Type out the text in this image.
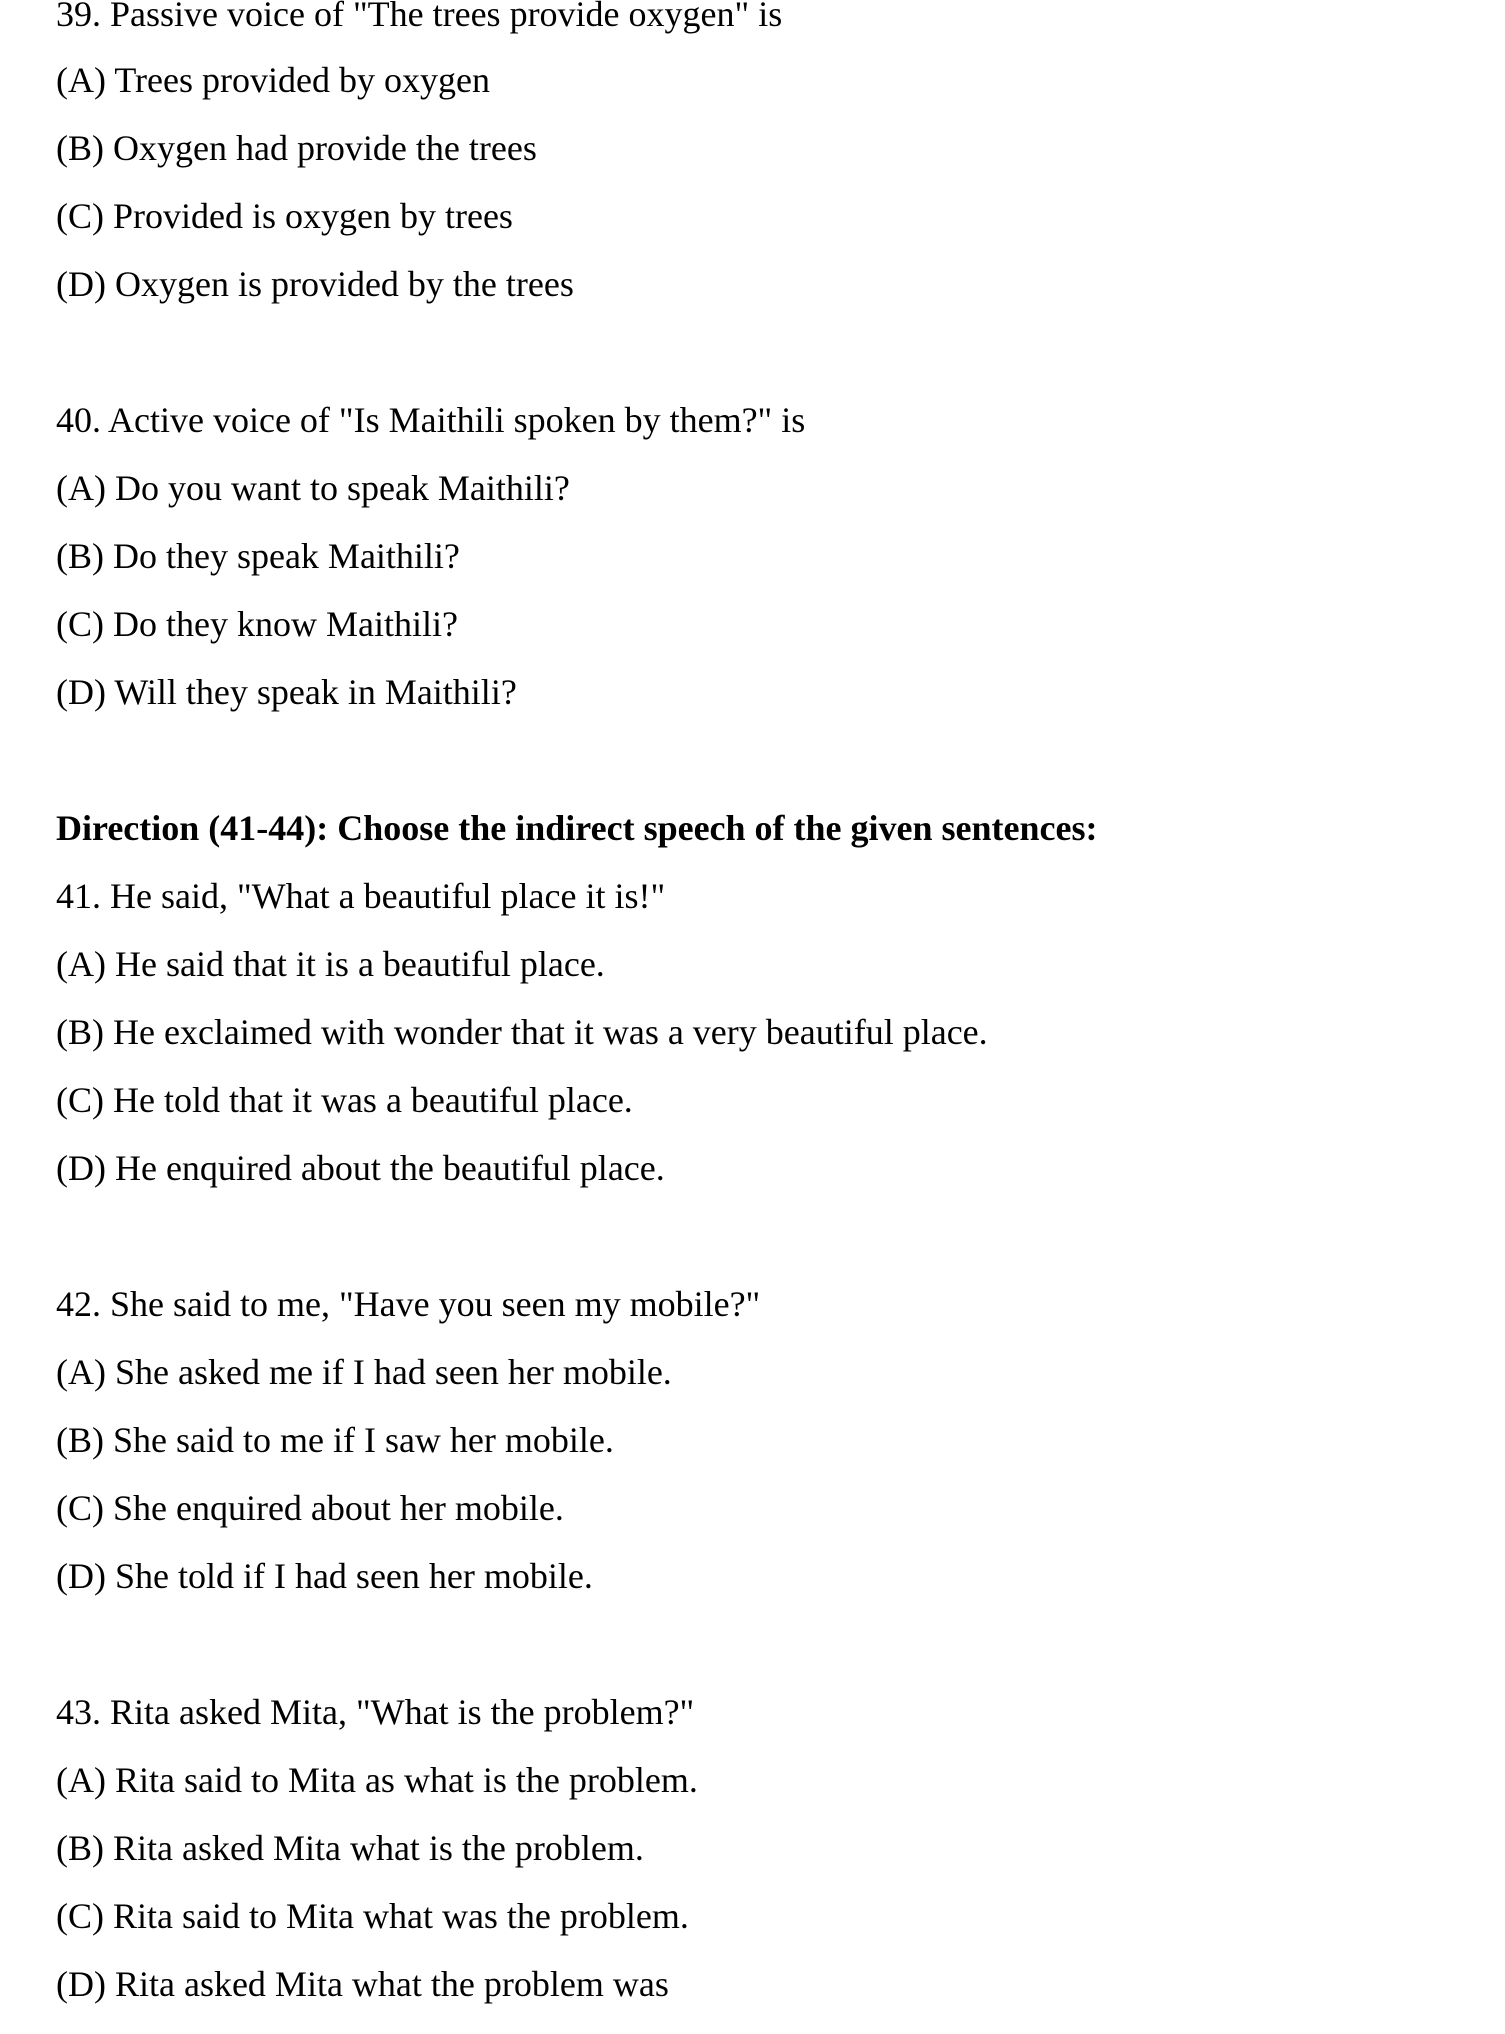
39. Passive voice of "The trees provide oxygen" is
(A) Trees provided by oxygen
(B) Oxygen had provide the trees
(C) Provided is oxygen by trees
(D) Oxygen is provided by the trees
40. Active voice of "Is Maithili spoken by them?" is
(A) Do you want to speak Maithili?
(B) Do they speak Maithili?
(C) Do they know Maithili?
(D) Will they speak in Maithili?
Direction (41-44): Choose the indirect speech of the given sentences:
41. He said, "What a beautiful place it is!"
(A) He said that it is a beautiful place.
(B) He exclaimed with wonder that it was a very beautiful place.
(C) He told that it was a beautiful place.
(D) He enquired about the beautiful place.
42. She said to me, "Have you seen my mobile?"
(A) She asked me if I had seen her mobile.
(B) She said to me if I saw her mobile.
(C) She enquired about her mobile.
(D) She told if I had seen her mobile.
43. Rita asked Mita, "What is the problem?"
(A) Rita said to Mita as what is the problem.
(B) Rita asked Mita what is the problem.
(C) Rita said to Mita what was the problem.
(D) Rita asked Mita what the problem was
